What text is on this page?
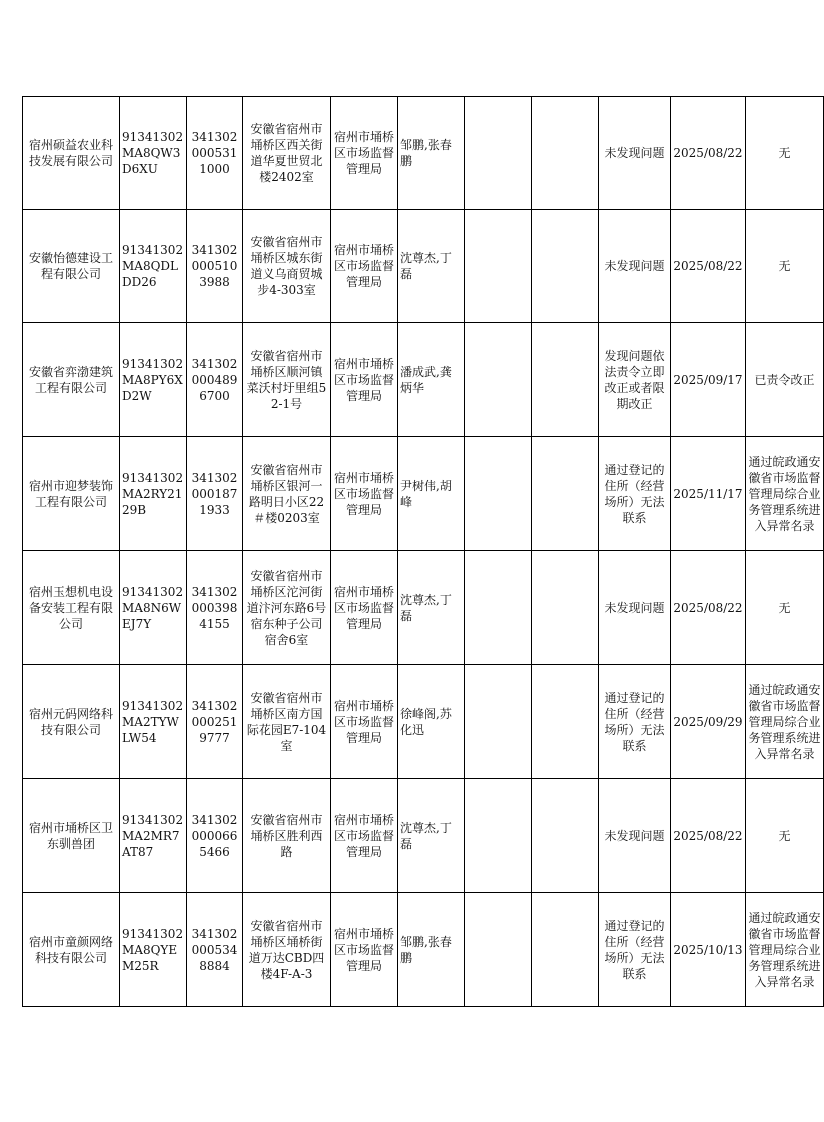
宿州硕益农业科技发展有限公司	91341302MA8QW3D6XU	3413020005311000	安徽省宿州市埇桥区西关街道华夏世贸北楼2402室	宿州市埇桥区市场监督管理局	邹鹏,张春鹏			未发现问题	2025/08/22	无
安徽怡德建设工程有限公司	91341302MA8QDLDD26	3413020005103988	安徽省宿州市埇桥区城东街道义乌商贸城步4-303室	宿州市埇桥区市场监督管理局	沈尊杰,丁磊			未发现问题	2025/08/22	无
安徽省弈渤建筑工程有限公司	91341302MA8PY6XD2W	3413020004896700	安徽省宿州市埇桥区顺河镇菜沃村圩里组52-1号	宿州市埇桥区市场监督管理局	潘成武,龚炳华			发现问题依法责令立即改正或者限期改正	2025/09/17	已责令改正
宿州市迎梦装饰工程有限公司	91341302MA2RY2129B	3413020001871933	安徽省宿州市埇桥区银河一路明日小区22＃楼0203室	宿州市埇桥区市场监督管理局	尹树伟,胡峰			通过登记的住所（经营场所）无法联系	2025/11/17	通过皖政通安徽省市场监督管理局综合业务管理系统进入异常名录
宿州玉想机电设备安装工程有限公司	91341302MA8N6WEJ7Y	3413020003984155	安徽省宿州市埇桥区沱河街道汴河东路6号宿东种子公司宿舍6室	宿州市埇桥区市场监督管理局	沈尊杰,丁磊			未发现问题	2025/08/22	无
宿州元码网络科技有限公司	91341302MA2TYWLW54	3413020002519777	安徽省宿州市埇桥区南方国际花园E7-104室	宿州市埇桥区市场监督管理局	徐峰阁,苏化迅			通过登记的住所（经营场所）无法联系	2025/09/29	通过皖政通安徽省市场监督管理局综合业务管理系统进入异常名录
宿州市埇桥区卫东驯兽团	91341302MA2MR7AT87	3413020000665466	安徽省宿州市埇桥区胜利西路	宿州市埇桥区市场监督管理局	沈尊杰,丁磊			未发现问题	2025/08/22	无
宿州市童颜网络科技有限公司	91341302MA8QYEM25R	3413020005348884	安徽省宿州市埇桥区埇桥街道万达CBD四楼4F-A-3	宿州市埇桥区市场监督管理局	邹鹏,张春鹏			通过登记的住所（经营场所）无法联系	2025/10/13	通过皖政通安徽省市场监督管理局综合业务管理系统进入异常名录
